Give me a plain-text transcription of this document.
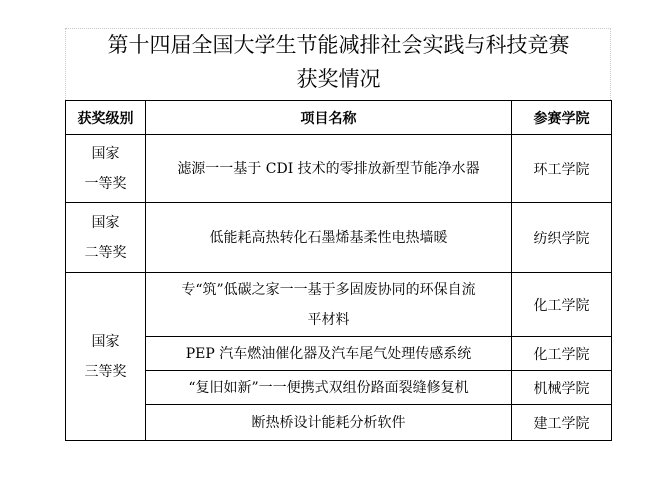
第十四届全国大学生节能减排社会实践与科技竞赛
获奖情况
获奖级别	项目名称	参赛学院

国家
一等奖	滤源一一基于 CDI 技术的零排放新型节能净水器	环工学院

国家
二等奖	低能耗高热转化石墨烯基柔性电热墙暖	纺织学院

国家
三等奖	专“筑”低碳之家一一基于多固废协同的环保自流
平材料	化工学院
	PEP 汽车燃油催化器及汽车尾气处理传感系统	化工学院
	“复旧如新”一一便携式双组份路面裂缝修复机	机械学院
	断热桥设计能耗分析软件	建工学院
